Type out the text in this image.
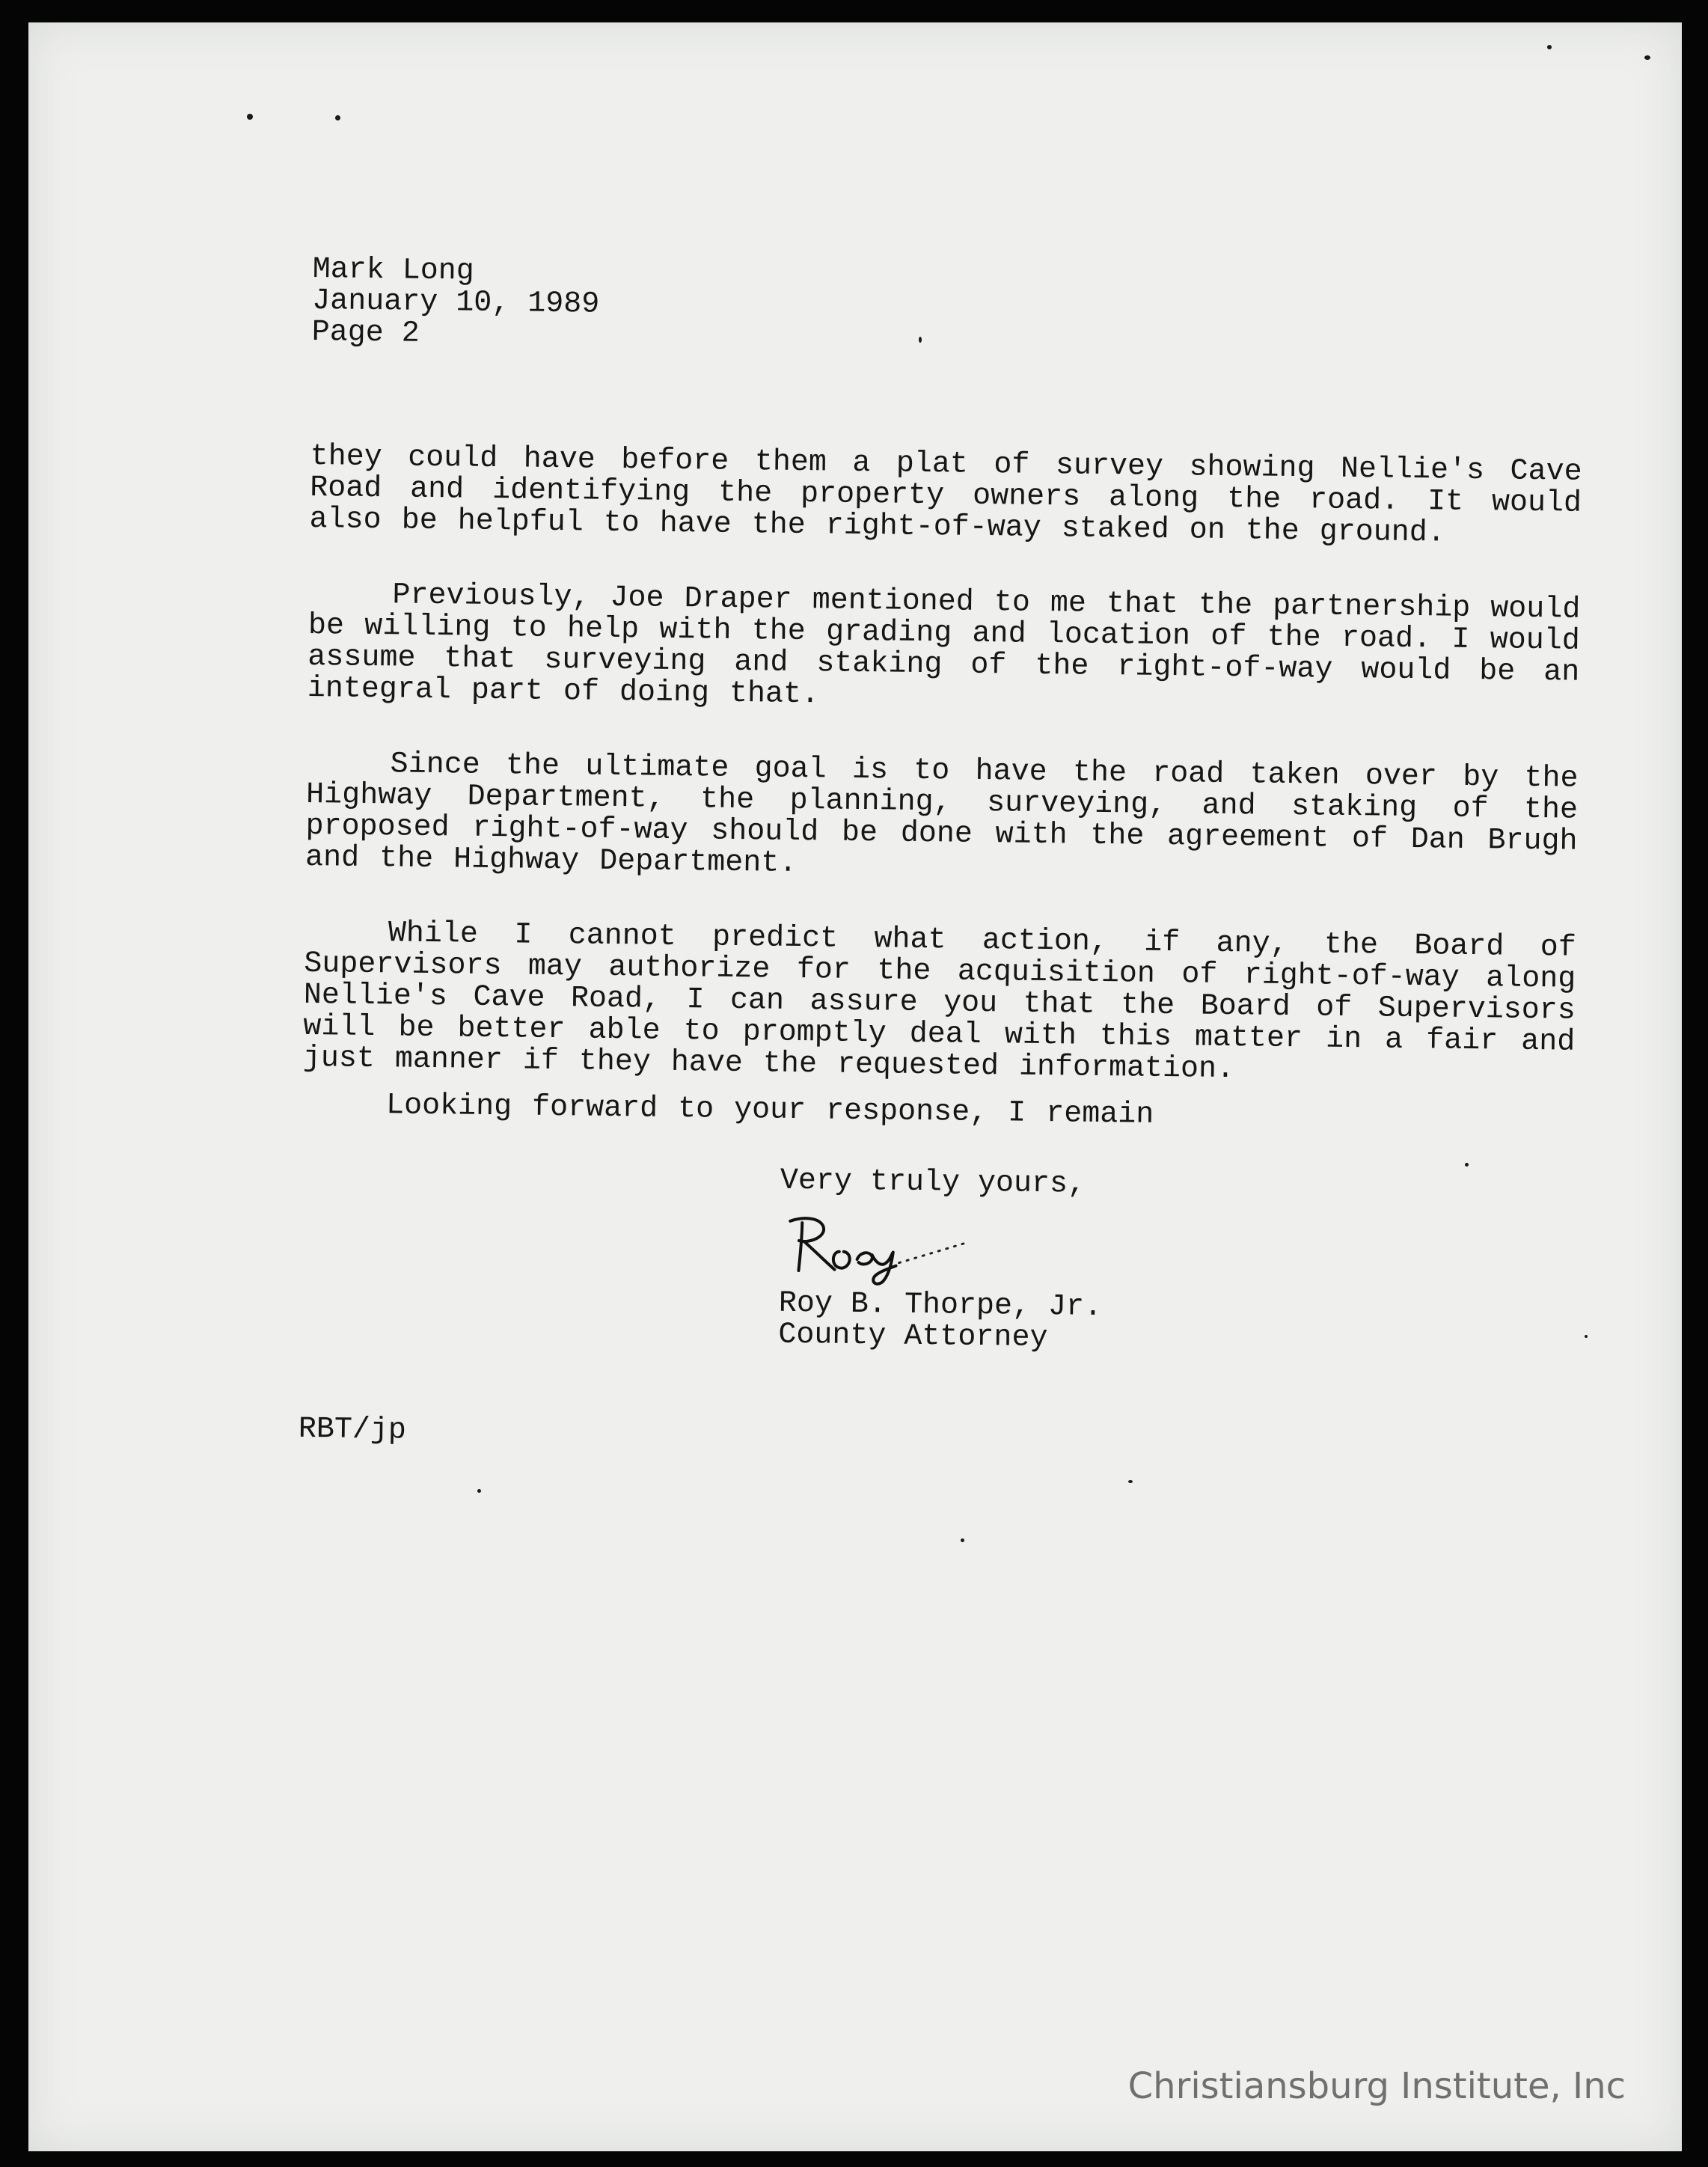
Mark Long
January 10, 1989
Page 2

they could have before them a plat of survey showing Nellie's Cave Road and identifying the property owners along the road. It would also be helpful to have the right-of-way staked on the ground.

Previously, Joe Draper mentioned to me that the partnership would be willing to help with the grading and location of the road. I would assume that surveying and staking of the right-of-way would be an integral part of doing that.

Since the ultimate goal is to have the road taken over by the Highway Department, the planning, surveying, and staking of the proposed right-of-way should be done with the agreement of Dan Brugh and the Highway Department.

While I cannot predict what action, if any, the Board of Supervisors may authorize for the acquisition of right-of-way along Nellie's Cave Road, I can assure you that the Board of Supervisors will be better able to promptly deal with this matter in a fair and just manner if they have the requested information.

Looking forward to your response, I remain

Very truly yours,
Roy B. Thorpe, Jr.
County Attorney
RBT/jp
Christiansburg Institute, Inc
